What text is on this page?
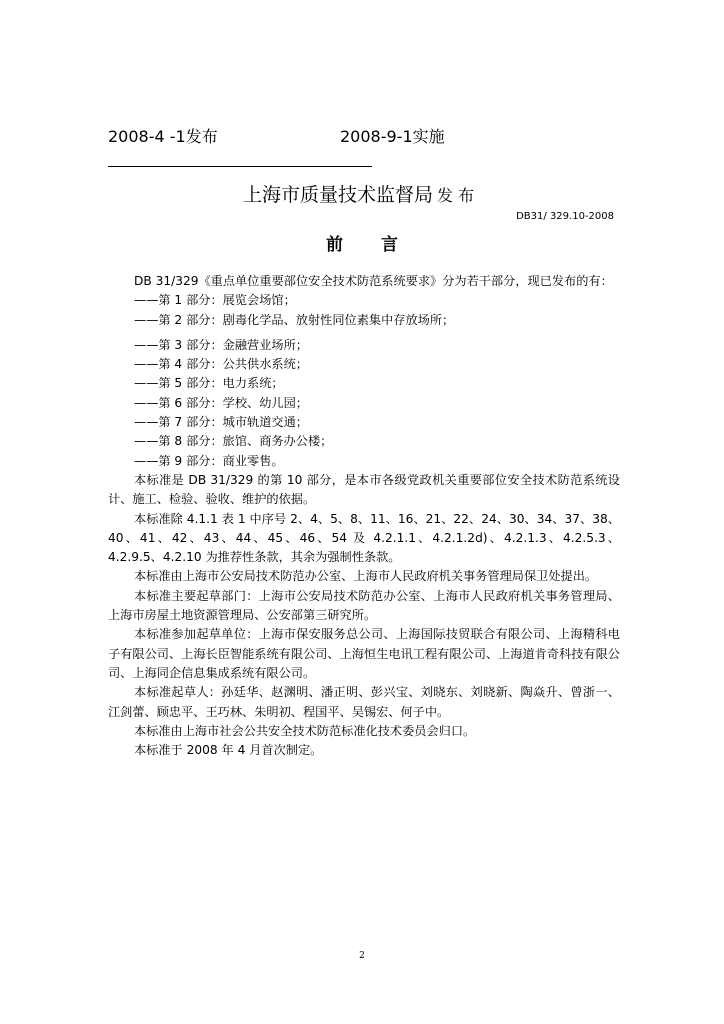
2008-4 -1发布	2008-9-1实施
上海市质量技术监督局 发 布
DB31/ 329.10-2008
前 言

DB 31/329《重点单位重要部位安全技术防范系统要求》分为若干部分，现已发布的有：

——第 1 部分：展览会场馆；
——第 2 部分：剧毒化学品、放射性同位素集中存放场所；
——第 3 部分：金融营业场所；
——第 4 部分：公共供水系统；
——第 5 部分：电力系统；
——第 6 部分：学校、幼儿园；
——第 7 部分：城市轨道交通；
——第 8 部分：旅馆、商务办公楼；
——第 9 部分：商业零售。

本标准是 DB 31/329 的第 10 部分，是本市各级党政机关重要部位安全技术防范系统设计、施工、检验、验收、维护的依据。

本标准除 4.1.1 表 1 中序号 2、4、5、8、11、16、21、22、24、30、34、37、38、40、41、42、43、44、45、46、54 及 4.2.1.1、4.2.1.2d)、4.2.1.3、4.2.5.3、4.2.9.5、4.2.10 为推荐性条款，其余为强制性条款。

本标准由上海市公安局技术防范办公室、上海市人民政府机关事务管理局保卫处提出。

本标准主要起草部门：上海市公安局技术防范办公室、上海市人民政府机关事务管理局、上海市房屋土地资源管理局、公安部第三研究所。

本标准参加起草单位：上海市保安服务总公司、上海国际技贸联合有限公司、上海精科电子有限公司、上海长臣智能系统有限公司、上海恒生电讯工程有限公司、上海道肯奇科技有限公司、上海同企信息集成系统有限公司。

本标准起草人：孙廷华、赵渊明、潘正明、彭兴宝、刘晓东、刘晓新、陶焱升、曾浙一、江剑蕾、顾忠平、王巧林、朱明初、程国平、吴锡宏、何子中。

本标准由上海市社会公共安全技术防范标准化技术委员会归口。

本标准于 2008 年 4 月首次制定。

2
